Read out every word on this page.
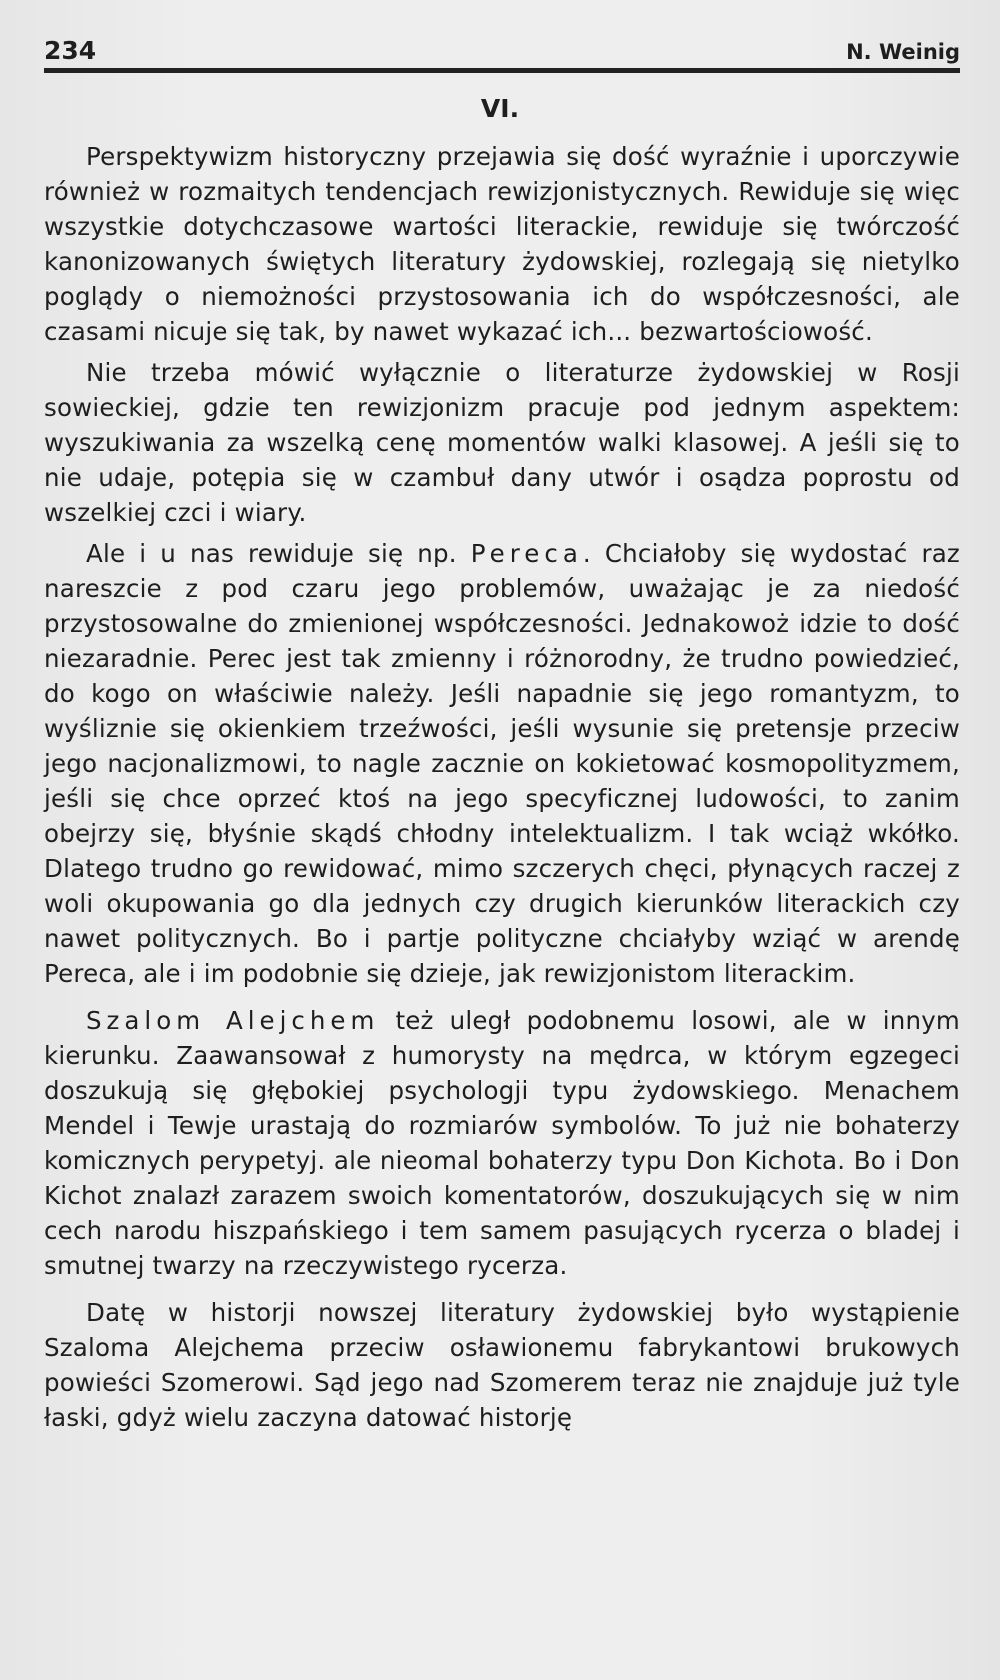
234	N. Weinig
VI.

Perspektywizm historyczny przejawia się dość wyraźnie i uporczywie również w rozmaitych tendencjach rewizjonistycznych. Rewiduje się więc wszystkie dotychczasowe wartości literackie, rewiduje się twórczość kanonizowanych świętych literatury żydowskiej, rozlegają się nietylko poglądy o niemożności przystosowania ich do współczesności, ale czasami nicuje się tak, by nawet wykazać ich... bezwartościowość.

Nie trzeba mówić wyłącznie o literaturze żydowskiej w Rosji sowieckiej, gdzie ten rewizjonizm pracuje pod jednym aspektem: wyszukiwania za wszelką cenę momentów walki klasowej. A jeśli się to nie udaje, potępia się w czambuł dany utwór i osądza poprostu od wszelkiej czci i wiary.

Ale i u nas rewiduje się np. Pereca. Chciałoby się wydostać raz nareszcie z pod czaru jego problemów, uważając je za niedość przystosowalne do zmienionej współczesności. Jednakowoż idzie to dość niezaradnie. Perec jest tak zmienny i różnorodny, że trudno powiedzieć, do kogo on właściwie należy. Jeśli napadnie się jego romantyzm, to wyśliznie się okienkiem trzeźwości, jeśli wysunie się pretensje przeciw jego nacjonalizmowi, to nagle zacznie on kokietować kosmopolityzmem, jeśli się chce oprzeć ktoś na jego specyficznej ludowości, to zanim obejrzy się, błyśnie skądś chłodny intelektualizm. I tak wciąż wkółko. Dlatego trudno go rewidować, mimo szczerych chęci, płynących raczej z woli okupowania go dla jednych czy drugich kierunków literackich czy nawet politycznych. Bo i partje polityczne chciałyby wziąć w arendę Pereca, ale i im podobnie się dzieje, jak rewizjonistom literackim.

Szalom Alejchem też uległ podobnemu losowi, ale w innym kierunku. Zaawansował z humorysty na mędrca, w którym egzegeci doszukują się głębokiej psychologji typu żydowskiego. Menachem Mendel i Tewje urastają do rozmiarów symbolów. To już nie bohaterzy komicznych perypetyj. ale nieomal bohaterzy typu Don Kichota. Bo i Don Kichot znalazł zarazem swoich komentatorów, doszukujących się w nim cech narodu hiszpańskiego i tem samem pasujących rycerza o bladej i smutnej twarzy na rzeczywistego rycerza.

Datę w historji nowszej literatury żydowskiej było wystąpienie Szaloma Alejchema przeciw osławionemu fabrykantowi brukowych powieści Szomerowi. Sąd jego nad Szomerem teraz nie znajduje już tyle łaski, gdyż wielu zaczyna datować historję
